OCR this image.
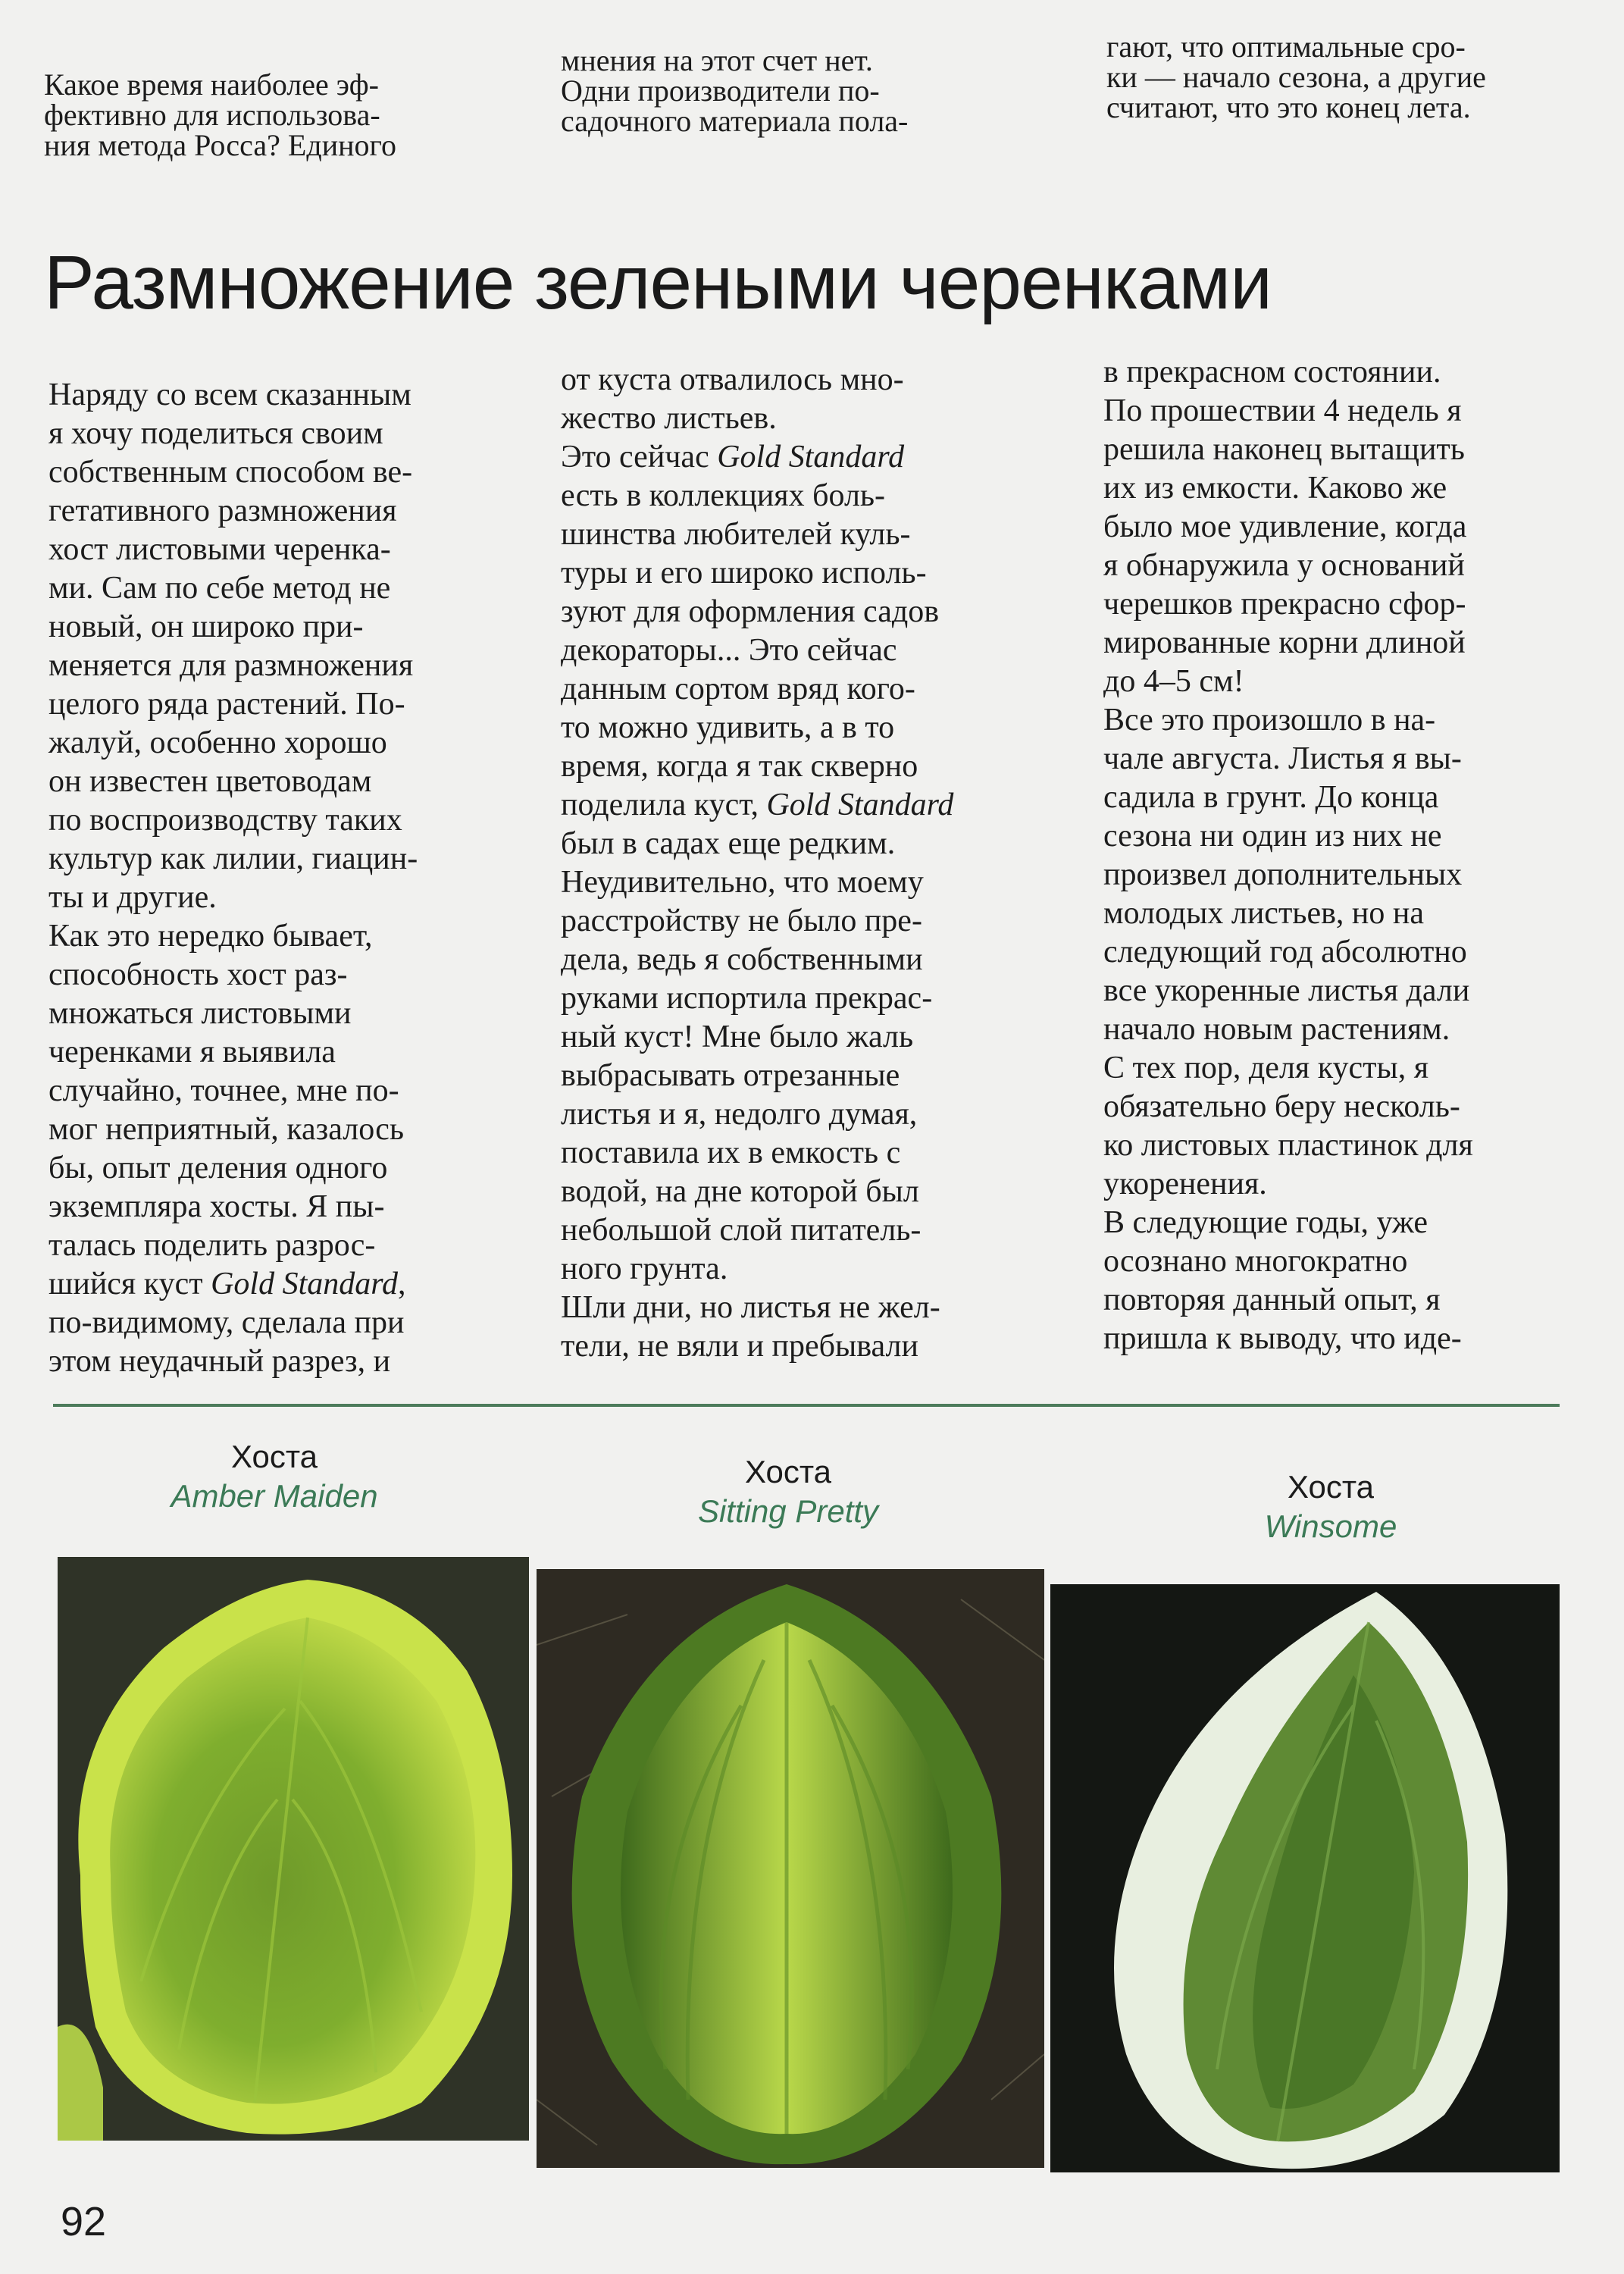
Какое время наиболее эф-
фективно для использова-
ния метода Росса? Единого
мнения на этот счет нет.
Одни производители по-
садочного материала пола-
гают, что оптимальные сро-
ки — начало сезона, а другие
считают, что это конец лета.
Размножение зелеными черенками
Наряду со всем сказанным
я хочу поделиться своим
собственным способом ве-
гетативного размножения
хост листовыми черенка-
ми. Сам по себе метод не
новый, он широко при-
меняется для размножения
целого ряда растений. По-
жалуй, особенно хорошо
он известен цветоводам
по воспроизводству таких
культур как лилии, гиацин-
ты и другие.
Как это нередко бывает,
способность хост раз-
множаться листовыми
черенками я выявила
случайно, точнее, мне по-
мог неприятный, казалось
бы, опыт деления одного
экземпляра хосты. Я пы-
талась поделить разрос-
шийся куст Gold Standard,
по-видимому, сделала при
этом неудачный разрез, и
от куста отвалилось мно-
жество листьев.
Это сейчас Gold Standard
есть в коллекциях боль-
шинства любителей куль-
туры и его широко исполь-
зуют для оформления садов
декораторы... Это сейчас
данным сортом вряд кого-
то можно удивить, а в то
время, когда я так скверно
поделила куст, Gold Standard
был в садах еще редким.
Неудивительно, что моему
расстройству не было пре-
дела, ведь я собственными
руками испортила прекрас-
ный куст! Мне было жаль
выбрасывать отрезанные
листья и я, недолго думая,
поставила их в емкость с
водой, на дне которой был
небольшой слой питатель-
ного грунта.
Шли дни, но листья не жел-
тели, не вяли и пребывали
в прекрасном состоянии.
По прошествии 4 недель я
решила наконец вытащить
их из емкости. Каково же
было мое удивление, когда
я обнаружила у оснований
черешков прекрасно сфор-
мированные корни длиной
до 4–5 см!
Все это произошло в на-
чале августа. Листья я вы-
садила в грунт. До конца
сезона ни один из них не
произвел дополнительных
молодых листьев, но на
следующий год абсолютно
все укоренные листья дали
начало новым растениям.
С тех пор, деля кусты, я
обязательно беру несколь-
ко листовых пластинок для
укоренения.
В следующие годы, уже
осознано многократно
повторяя данный опыт, я
пришла к выводу, что иде-
Хоста
Amber Maiden
Хоста
Sitting Pretty
Хоста
Winsome
92
